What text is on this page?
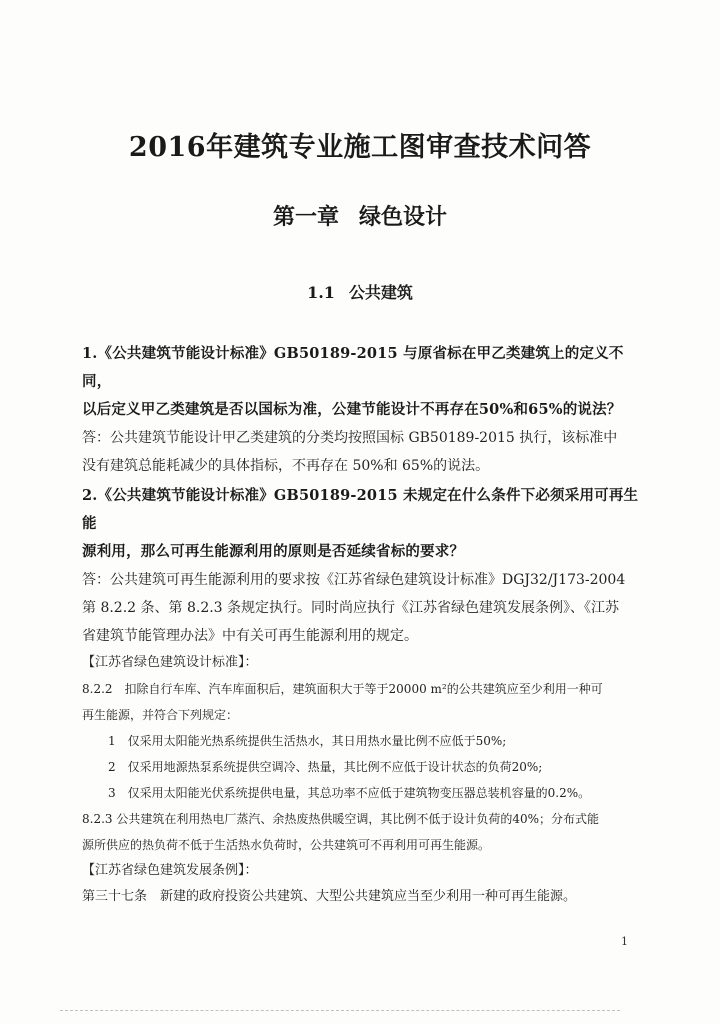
2016年建筑专业施工图审查技术问答
第一章 绿色设计
1.1 公共建筑

1.《公共建筑节能设计标准》GB50189-2015 与原省标在甲乙类建筑上的定义不同，

以后定义甲乙类建筑是否以国标为准，公建节能设计不再存在50%和65%的说法？

答：公共建筑节能设计甲乙类建筑的分类均按照国标 GB50189-2015 执行，该标准中

没有建筑总能耗减少的具体指标，不再存在 50%和 65%的说法。

2.《公共建筑节能设计标准》GB50189-2015 未规定在什么条件下必须采用可再生能

源利用，那么可再生能源利用的原则是否延续省标的要求？

答：公共建筑可再生能源利用的要求按《江苏省绿色建筑设计标准》DGJ32/J173-2004

第 8.2.2 条、第 8.2.3 条规定执行。同时尚应执行《江苏省绿色建筑发展条例》、《江苏

省建筑节能管理办法》中有关可再生能源利用的规定。

【江苏省绿色建筑设计标准】：

8.2.2　扣除自行车库、汽车库面积后，建筑面积大于等于20000 m²的公共建筑应至少利用一种可

再生能源，并符合下列规定：

1　仅采用太阳能光热系统提供生活热水，其日用热水量比例不应低于50%;

2　仅采用地源热泵系统提供空调冷、热量，其比例不应低于设计状态的负荷20%;

3　仅采用太阳能光伏系统提供电量，其总功率不应低于建筑物变压器总装机容量的0.2%。

8.2.3 公共建筑在利用热电厂蒸汽、余热废热供暖空调，其比例不低于设计负荷的40%；分布式能

源所供应的热负荷不低于生活热水负荷时，公共建筑可不再利用可再生能源。

【江苏省绿色建筑发展条例】：

第三十七条　新建的政府投资公共建筑、大型公共建筑应当至少利用一种可再生能源。

1
